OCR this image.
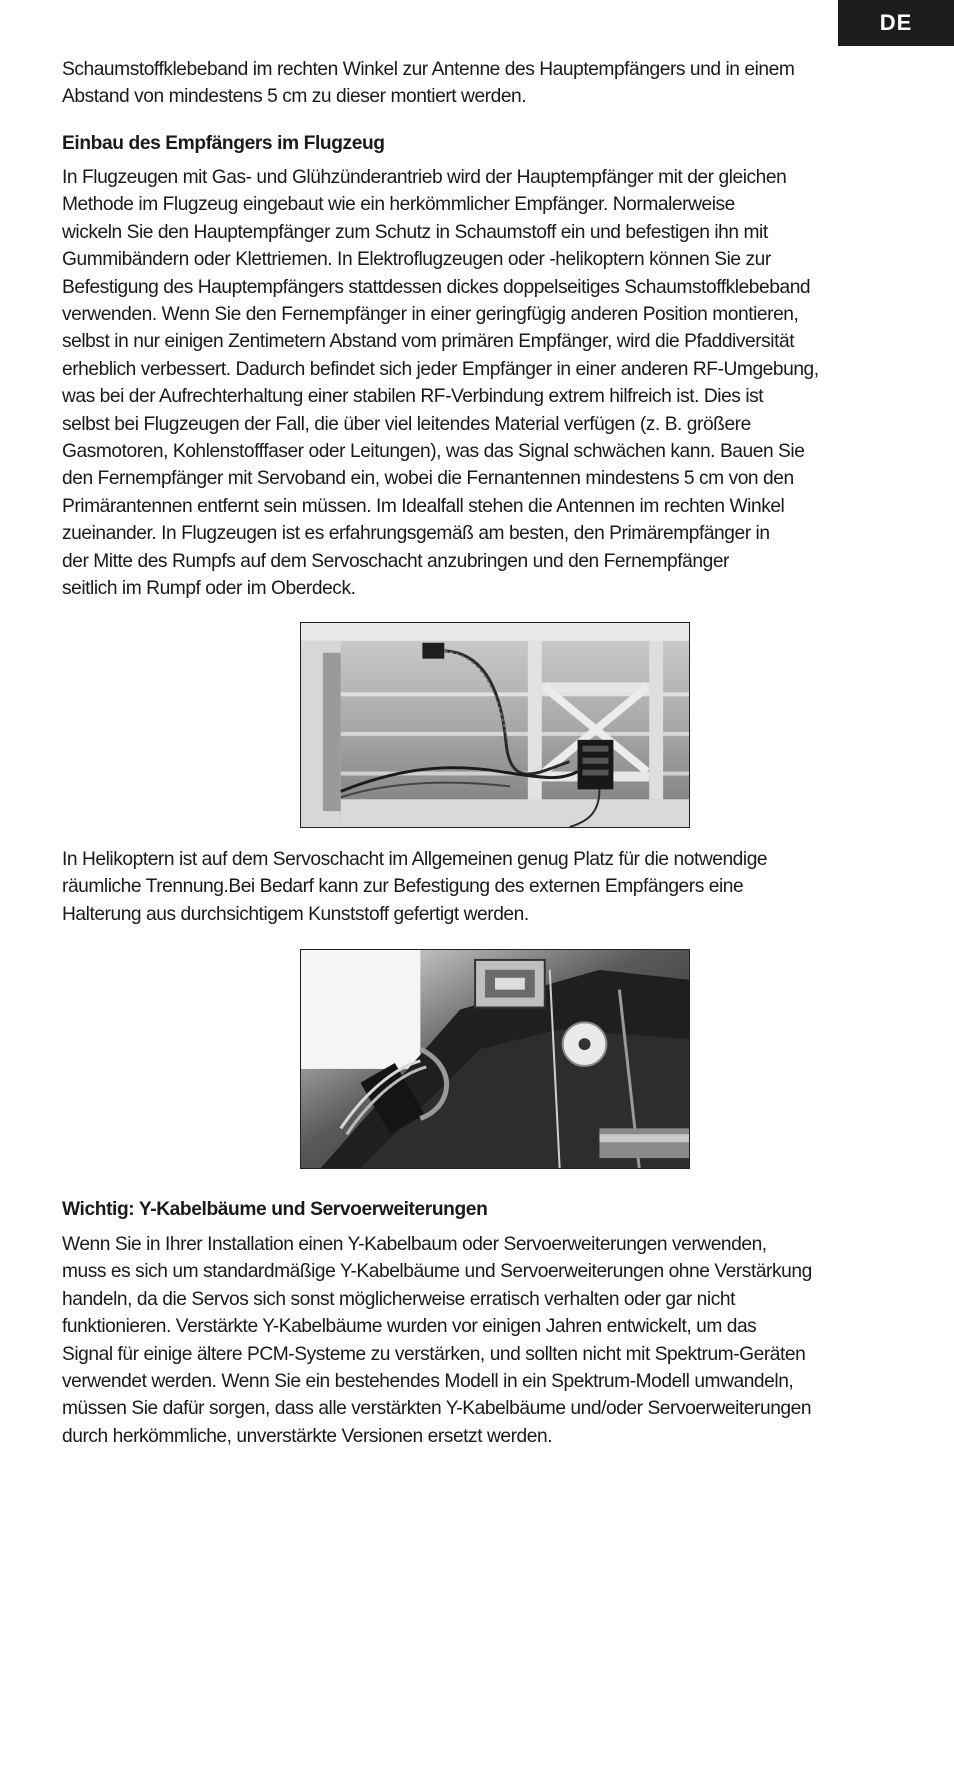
DE
Schaumstoffklebeband im rechten Winkel zur Antenne des Hauptempfängers und in einem
Abstand von mindestens 5 cm zu dieser montiert werden.
Einbau des Empfängers im Flugzeug
In Flugzeugen mit Gas- und Glühzünderantrieb wird der Hauptempfänger mit der gleichen
Methode im Flugzeug eingebaut wie ein herkömmlicher Empfänger. Normalerweise
wickeln Sie den Hauptempfänger zum Schutz in Schaumstoff ein und befestigen ihn mit
Gummibändern oder Klettriemen. In Elektroflugzeugen oder -helikoptern können Sie zur
Befestigung des Hauptempfängers stattdessen dickes doppelseitiges Schaumstoffklebeband
verwenden. Wenn Sie den Fernempfänger in einer geringfügig anderen Position montieren,
selbst in nur einigen Zentimetern Abstand vom primären Empfänger, wird die Pfaddiversität
erheblich verbessert. Dadurch befindet sich jeder Empfänger in einer anderen RF-Umgebung,
was bei der Aufrechterhaltung einer stabilen RF-Verbindung extrem hilfreich ist. Dies ist
selbst bei Flugzeugen der Fall, die über viel leitendes Material verfügen (z. B. größere
Gasmotoren, Kohlenstofffaser oder Leitungen), was das Signal schwächen kann. Bauen Sie
den Fernempfänger mit Servoband ein, wobei die Fernantennen mindestens 5 cm von den
Primärantennen entfernt sein müssen. Im Idealfall stehen die Antennen im rechten Winkel
zueinander. In Flugzeugen ist es erfahrungsgemäß am besten, den Primärempfänger in
der Mitte des Rumpfs auf dem Servoschacht anzubringen und den Fernempfänger
seitlich im Rumpf oder im Oberdeck.
In Helikoptern ist auf dem Servoschacht im Allgemeinen genug Platz für die notwendige
räumliche Trennung.Bei Bedarf kann zur Befestigung des externen Empfängers eine
Halterung aus durchsichtigem Kunststoff gefertigt werden.
Wichtig: Y-Kabelbäume und Servoerweiterungen
Wenn Sie in Ihrer Installation einen Y-Kabelbaum oder Servoerweiterungen verwenden,
muss es sich um standardmäßige Y-Kabelbäume und Servoerweiterungen ohne Verstärkung
handeln, da die Servos sich sonst möglicherweise erratisch verhalten oder gar nicht
funktionieren. Verstärkte Y-Kabelbäume wurden vor einigen Jahren entwickelt, um das
Signal für einige ältere PCM-Systeme zu verstärken, und sollten nicht mit Spektrum-Geräten
verwendet werden. Wenn Sie ein bestehendes Modell in ein Spektrum-Modell umwandeln,
müssen Sie dafür sorgen, dass alle verstärkten Y-Kabelbäume und/oder Servoerweiterungen
durch herkömmliche, unverstärkte Versionen ersetzt werden.
